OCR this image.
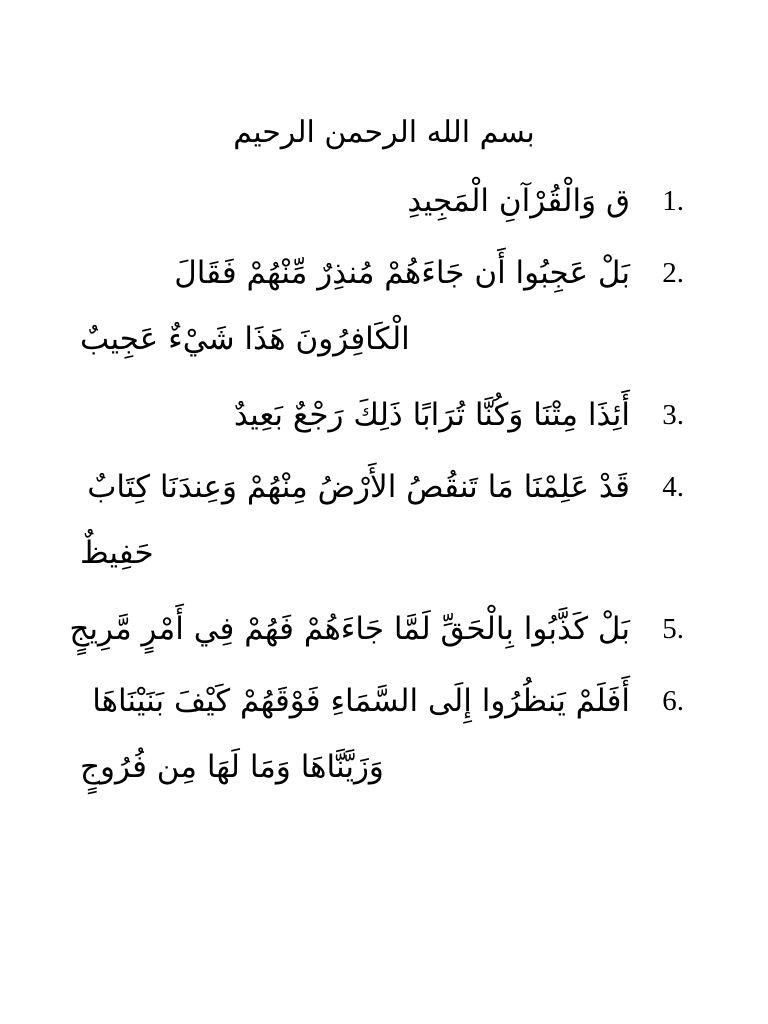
بسم الله الرحمن الرحيم
ق وَالْقُرْآنِ الْمَجِيدِ	1.
بَلْ عَجِبُوا أَن جَاءَهُمْ مُنذِرٌ مِّنْهُمْ فَقَالَ	2.
الْكَافِرُونَ هَذَا شَيْءٌ عَجِيبٌ
أَئِذَا مِتْنَا وَكُنَّا تُرَابًا ذَلِكَ رَجْعٌ بَعِيدٌ	3.
قَدْ عَلِمْنَا مَا تَنقُصُ الأَرْضُ مِنْهُمْ وَعِندَنَا كِتَابٌ	4.
حَفِيظٌ
بَلْ كَذَّبُوا بِالْحَقِّ لَمَّا جَاءَهُمْ فَهُمْ فِي أَمْرٍ مَّرِيجٍ	5.
أَفَلَمْ يَنظُرُوا إِلَى السَّمَاءِ فَوْقَهُمْ كَيْفَ بَنَيْنَاهَا	6.
وَزَيَّنَّاهَا وَمَا لَهَا مِن فُرُوجٍ
